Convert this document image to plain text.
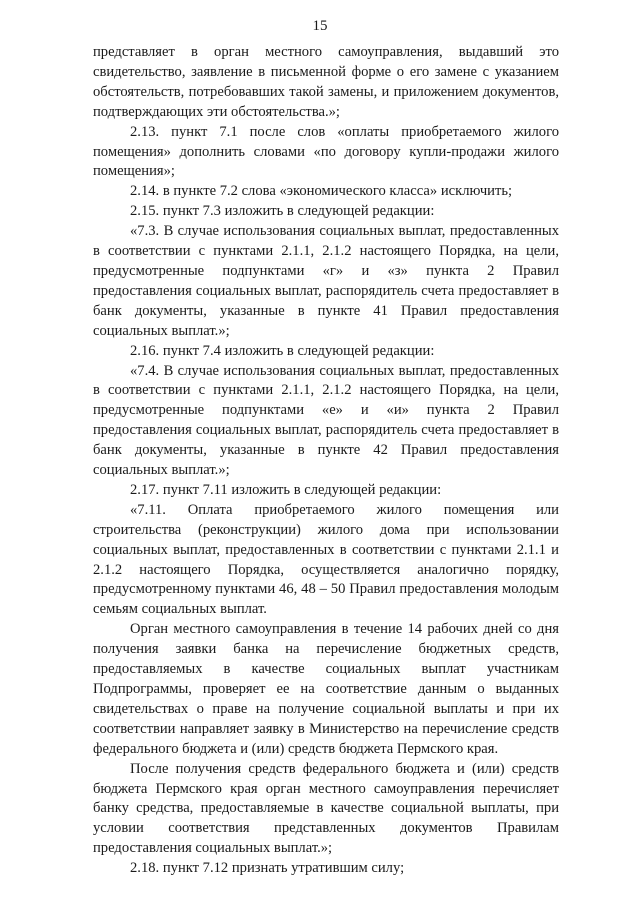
15

представляет в орган местного самоуправления, выдавший это свидетельство, заявление в письменной форме о его замене с указанием обстоятельств, потребовавших такой замены, и приложением документов, подтверждающих эти обстоятельства.»;

2.13. пункт 7.1 после слов «оплаты приобретаемого жилого помещения» дополнить словами «по договору купли-продажи жилого помещения»;

2.14. в пункте 7.2 слова «экономического класса» исключить;

2.15. пункт 7.3 изложить в следующей редакции:

«7.3. В случае использования социальных выплат, предоставленных в соответствии с пунктами 2.1.1, 2.1.2 настоящего Порядка, на цели, предусмотренные подпунктами «г» и «з» пункта 2 Правил предоставления социальных выплат, распорядитель счета предоставляет в банк документы, указанные в пункте 41 Правил предоставления социальных выплат.»;

2.16. пункт 7.4 изложить в следующей редакции:

«7.4. В случае использования социальных выплат, предоставленных в соответствии с пунктами 2.1.1, 2.1.2 настоящего Порядка, на цели, предусмотренные подпунктами «е» и «и» пункта 2 Правил предоставления социальных выплат, распорядитель счета предоставляет в банк документы, указанные в пункте 42 Правил предоставления социальных выплат.»;

2.17. пункт 7.11 изложить в следующей редакции:

«7.11. Оплата приобретаемого жилого помещения или строительства (реконструкции) жилого дома при использовании социальных выплат, предоставленных в соответствии с пунктами 2.1.1 и 2.1.2 настоящего Порядка, осуществляется аналогично порядку, предусмотренному пунктами 46, 48 – 50 Правил предоставления молодым семьям социальных выплат.

Орган местного самоуправления в течение 14 рабочих дней со дня получения заявки банка на перечисление бюджетных средств, предоставляемых в качестве социальных выплат участникам Подпрограммы, проверяет ее на соответствие данным о выданных свидетельствах о праве на получение социальной выплаты и при их соответствии направляет заявку в Министерство на перечисление средств федерального бюджета и (или) средств бюджета Пермского края.

После получения средств федерального бюджета и (или) средств бюджета Пермского края орган местного самоуправления перечисляет банку средства, предоставляемые в качестве социальной выплаты, при условии соответствия представленных документов Правилам предоставления социальных выплат.»;

2.18. пункт 7.12 признать утратившим силу;
